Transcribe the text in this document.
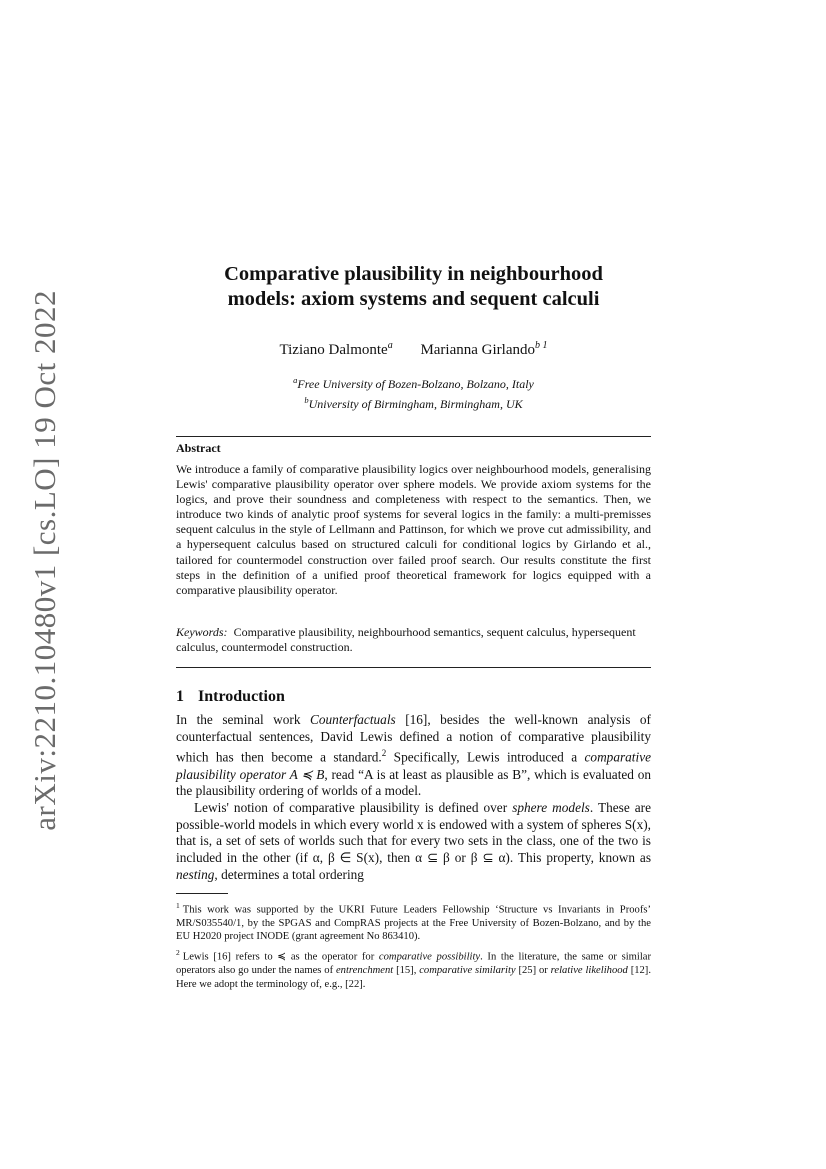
arXiv:2210.10480v1 [cs.LO] 19 Oct 2022
Comparative plausibility in neighbourhood
models: axiom systems and sequent calculi
Tiziano Dalmonte$^a$ Marianna Girlando$^{b 1}$
$^a$Free University of Bozen-Bolzano, Bolzano, Italy
$^b$University of Birmingham, Birmingham, UK
Abstract
We introduce a family of comparative plausibility logics over neighbourhood models, generalising Lewis' comparative plausibility operator over sphere models. We provide axiom systems for the logics, and prove their soundness and completeness with respect to the semantics. Then, we introduce two kinds of analytic proof systems for several logics in the family: a multi-premisses sequent calculus in the style of Lellmann and Pattinson, for which we prove cut admissibility, and a hypersequent calculus based on structured calculi for conditional logics by Girlando et al., tailored for countermodel construction over failed proof search. Our results constitute the first steps in the definition of a unified proof theoretical framework for logics equipped with a comparative plausibility operator.
Keywords: Comparative plausibility, neighbourhood semantics, sequent calculus, hypersequent calculus, countermodel construction.
1 Introduction

In the seminal work Counterfactuals [16], besides the well-known analysis of counterfactual sentences, David Lewis defined a notion of comparative plausibility which has then become a standard.$^2$ Specifically, Lewis introduced a comparative plausibility operator A ≼ B, read “A is at least as plausible as B”, which is evaluated on the plausibility ordering of worlds of a model.

Lewis' notion of comparative plausibility is defined over sphere models. These are possible-world models in which every world x is endowed with a system of spheres S(x), that is, a set of sets of worlds such that for every two sets in the class, one of the two is included in the other (if α, β ∈ S(x), then α ⊆ β or β ⊆ α). This property, known as nesting, determines a total ordering

$^1$ This work was supported by the UKRI Future Leaders Fellowship ‘Structure vs Invariants in Proofs’ MR/S035540/1, by the SPGAS and CompRAS projects at the Free University of Bozen-Bolzano, and by the EU H2020 project INODE (grant agreement No 863410).

$^2$ Lewis [16] refers to ≼ as the operator for comparative possibility. In the literature, the same or similar operators also go under the names of entrenchment [15], comparative similarity [25] or relative likelihood [12]. Here we adopt the terminology of, e.g., [22].
